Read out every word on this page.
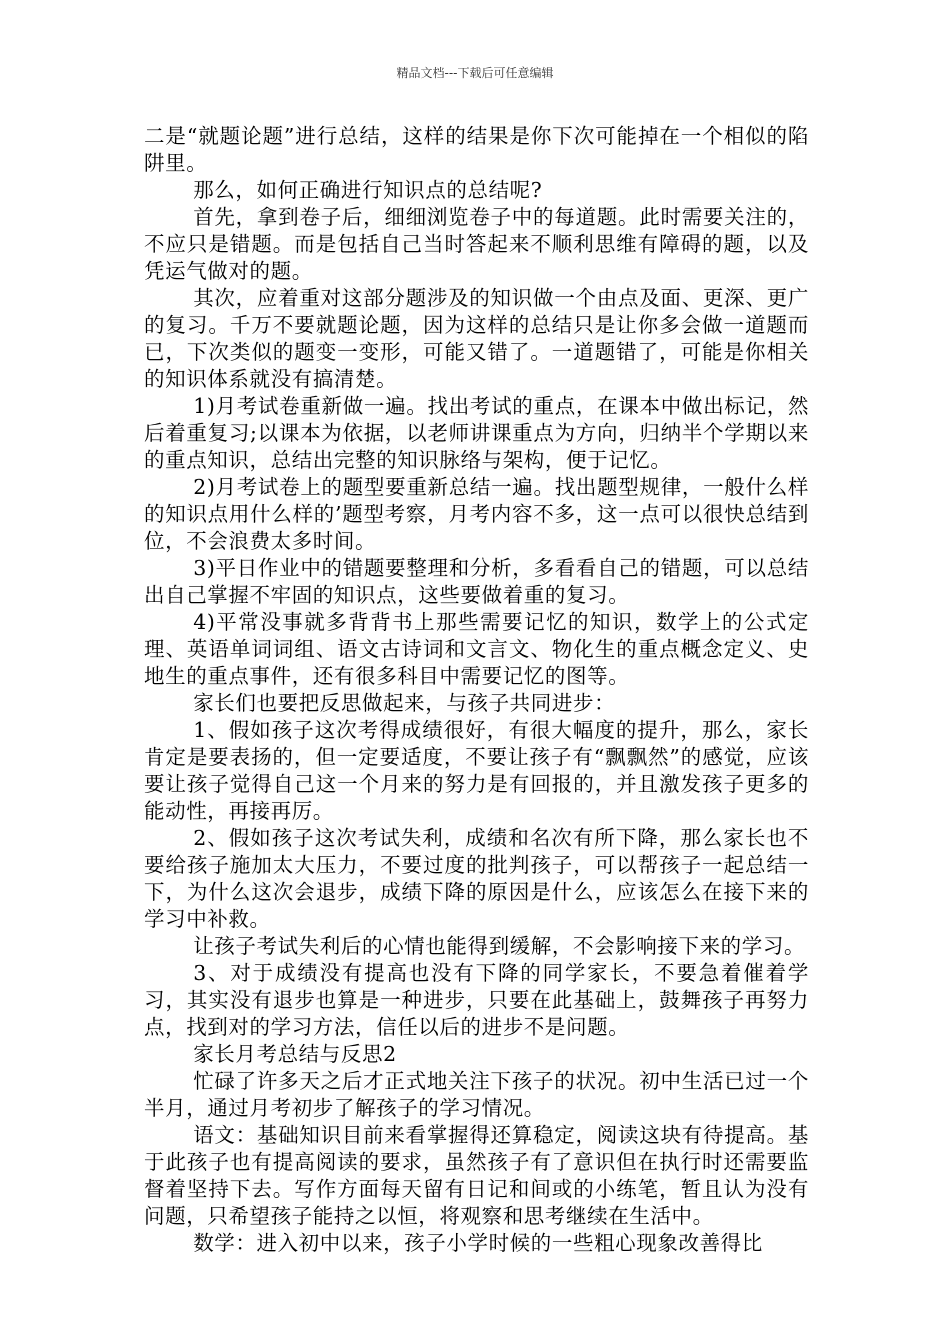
精品文档---下载后可任意编辑

二是“就题论题”进行总结，这样的结果是你下次可能掉在一个相似的陷阱里。

那么，如何正确进行知识点的总结呢?

首先，拿到卷子后，细细浏览卷子中的每道题。此时需要关注的，不应只是错题。而是包括自己当时答起来不顺利思维有障碍的题，以及凭运气做对的题。

其次，应着重对这部分题涉及的知识做一个由点及面、更深、更广的复习。千万不要就题论题，因为这样的总结只是让你多会做一道题而已，下次类似的题变一变形，可能又错了。一道题错了，可能是你相关的知识体系就没有搞清楚。

1)月考试卷重新做一遍。找出考试的重点，在课本中做出标记，然后着重复习;以课本为依据，以老师讲课重点为方向，归纳半个学期以来的重点知识，总结出完整的知识脉络与架构，便于记忆。

2)月考试卷上的题型要重新总结一遍。找出题型规律，一般什么样的知识点用什么样的’题型考察，月考内容不多，这一点可以很快总结到位，不会浪费太多时间。

3)平日作业中的错题要整理和分析，多看看自己的错题，可以总结出自己掌握不牢固的知识点，这些要做着重的复习。

4)平常没事就多背背书上那些需要记忆的知识，数学上的公式定理、英语单词词组、语文古诗词和文言文、物化生的重点概念定义、史地生的重点事件，还有很多科目中需要记忆的图等。

家长们也要把反思做起来，与孩子共同进步：

1、假如孩子这次考得成绩很好，有很大幅度的提升，那么，家长肯定是要表扬的，但一定要适度，不要让孩子有“飘飘然”的感觉，应该要让孩子觉得自己这一个月来的努力是有回报的，并且激发孩子更多的能动性，再接再厉。

2、假如孩子这次考试失利，成绩和名次有所下降，那么家长也不要给孩子施加太大压力，不要过度的批判孩子，可以帮孩子一起总结一下，为什么这次会退步，成绩下降的原因是什么，应该怎么在接下来的学习中补救。

让孩子考试失利后的心情也能得到缓解，不会影响接下来的学习。

3、对于成绩没有提高也没有下降的同学家长，不要急着催着学习，其实没有退步也算是一种进步，只要在此基础上，鼓舞孩子再努力点，找到对的学习方法，信任以后的进步不是问题。

家长月考总结与反思2

忙碌了许多天之后才正式地关注下孩子的状况。初中生活已过一个半月，通过月考初步了解孩子的学习情况。

语文：基础知识目前来看掌握得还算稳定，阅读这块有待提高。基于此孩子也有提高阅读的要求，虽然孩子有了意识但在执行时还需要监督着坚持下去。写作方面每天留有日记和间或的小练笔，暂且认为没有问题，只希望孩子能持之以恒，将观察和思考继续在生活中。

数学：进入初中以来，孩子小学时候的一些粗心现象改善得比
